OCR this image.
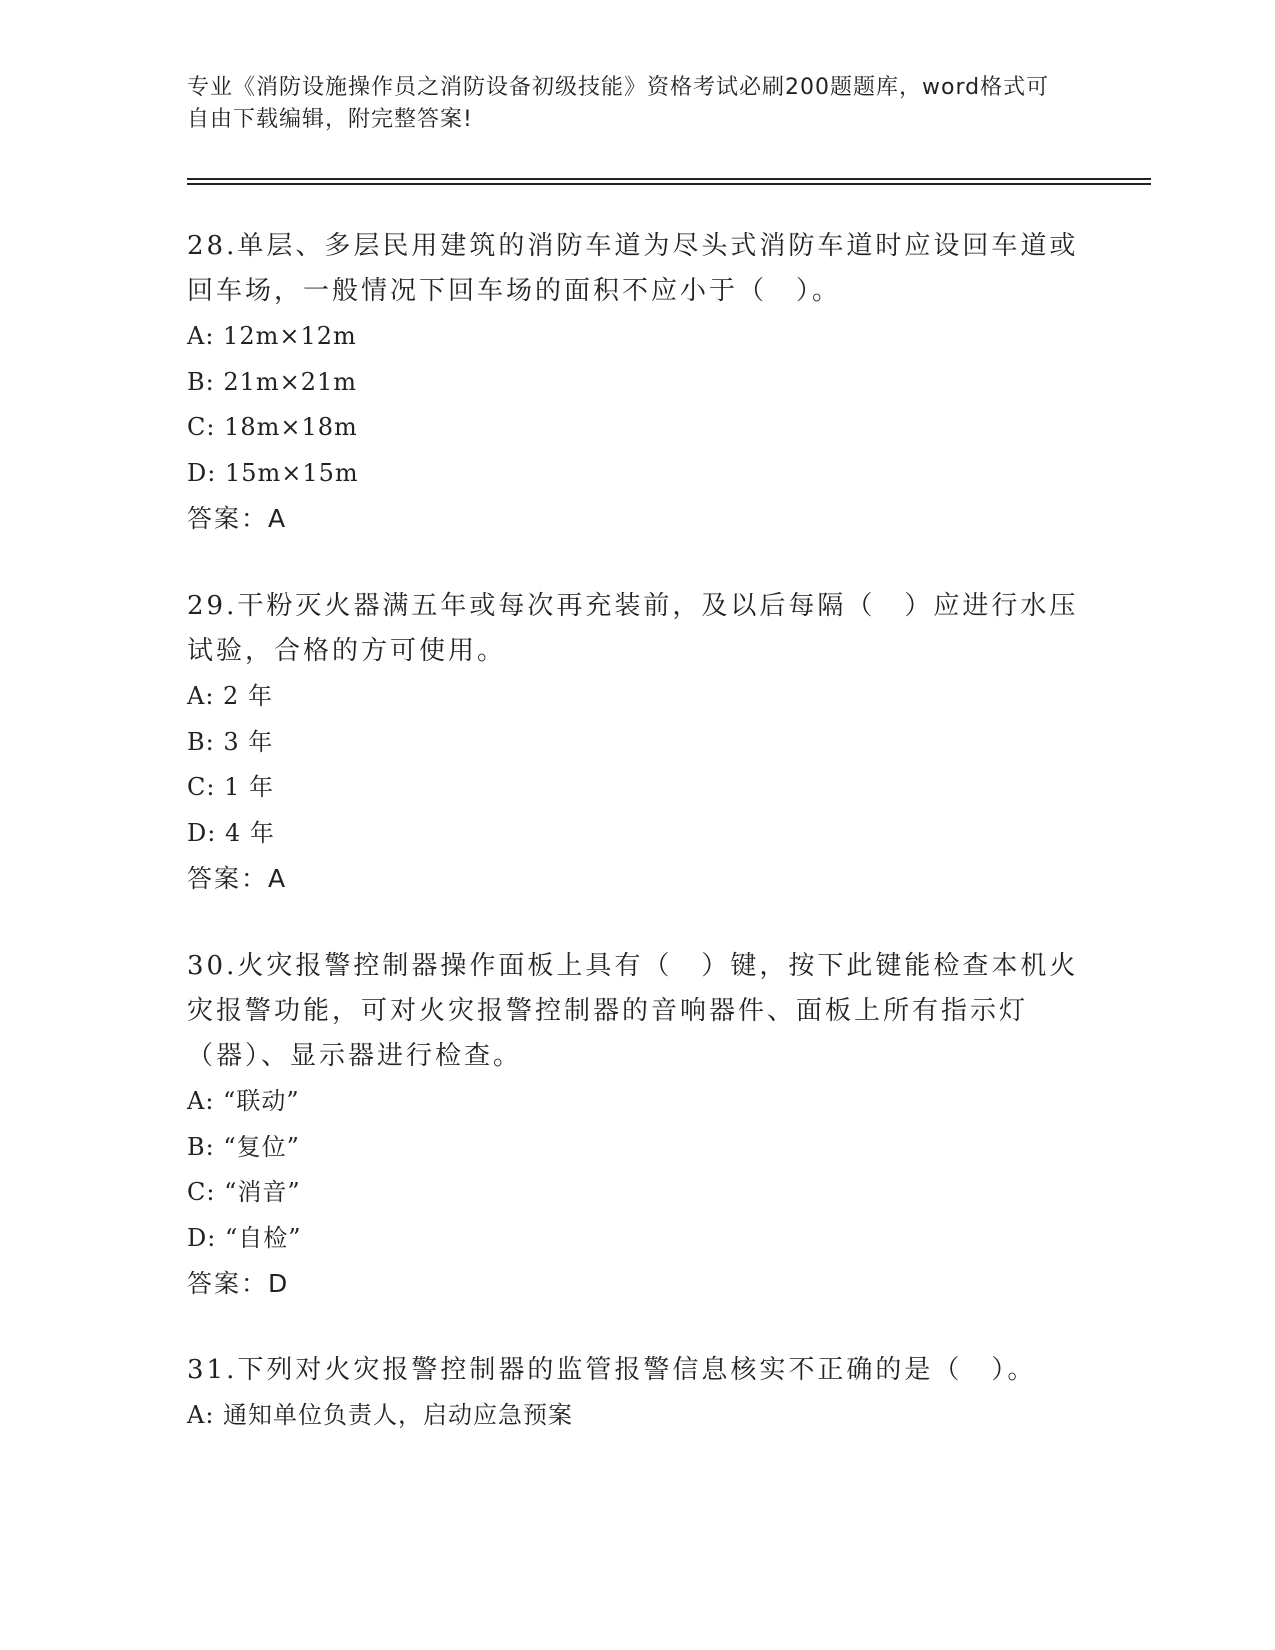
专业《消防设施操作员之消防设备初级技能》资格考试必刷200题题库，word格式可自由下载编辑，附完整答案!

28.单层、多层民用建筑的消防车道为尽头式消防车道时应设回车道或回车场，一般情况下回车场的面积不应小于（　）。

A: 12m×12m

B: 21m×21m

C: 18m×18m

D: 15m×15m

答案：A

29.干粉灭火器满五年或每次再充装前，及以后每隔（　）应进行水压试验，合格的方可使用。

A: 2 年

B: 3 年

C: 1 年

D: 4 年

答案：A

30.火灾报警控制器操作面板上具有（　）键，按下此键能检查本机火灾报警功能，可对火灾报警控制器的音响器件、面板上所有指示灯（器）、显示器进行检查。

A: “联动”

B: “复位”

C: “消音”

D: “自检”

答案：D

31.下列对火灾报警控制器的监管报警信息核实不正确的是（　）。

A: 通知单位负责人，启动应急预案
